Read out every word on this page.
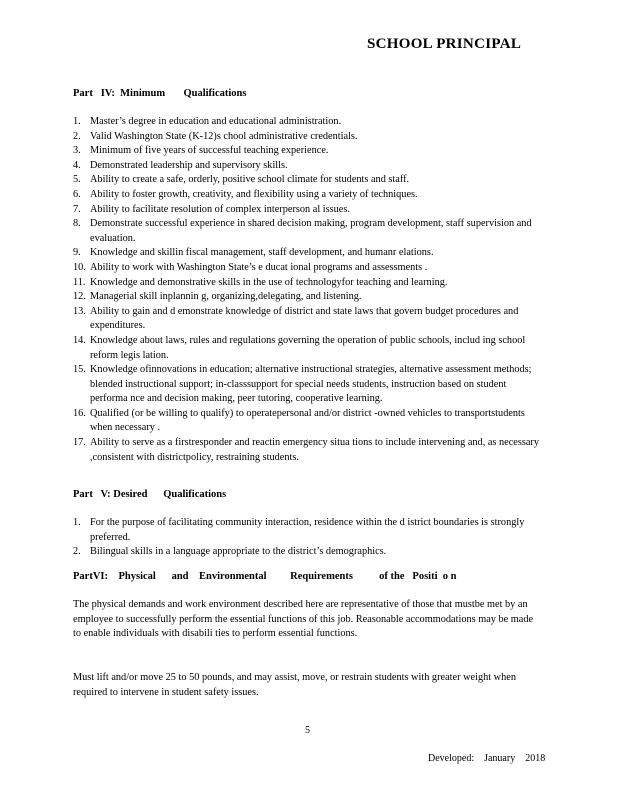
SCHOOL PRINCIPAL
Part   IV:  Minimum       Qualifications
1. Master’s degree in education and educational administration.
2. Valid Washington State (K-12)s chool administrative credentials.
3. Minimum of five years of successful teaching experience.
4. Demonstrated leadership and supervisory skills.
5. Ability to create a safe, orderly, positive school climate for students and staff.
6. Ability to foster growth, creativity, and flexibility using a variety of techniques.
7. Ability to facilitate resolution of complex interperson al issues.
8. Demonstrate successful experience in shared decision making, program development, staff supervision and evaluation.
9. Knowledge and skillin fiscal management, staff development, and humanr elations.
10. Ability to work with Washington State’s e ducat ional programs and assessments .
11. Knowledge and demonstrative skills in the use of technologyfor teaching and learning.
12. Managerial skill inplannin g, organizing,delegating, and listening.
13. Ability to gain and d emonstrate knowledge of district and state laws that govern budget procedures and expenditures.
14. Knowledge about laws, rules and regulations governing the operation of public schools, includ ing school reform legis lation.
15. Knowledge ofinnovations in education; alternative instructional strategies, alternative assessment methods; blended instructional support; in-classsupport for special needs students, instruction based on student performa nce and decision making, peer tutoring, cooperative learning.
16. Qualified (or be willing to qualify) to operatepersonal and/or district -owned vehicles to transportstudents when necessary .
17. Ability to serve as a firstresponder and reactin emergency situa tions to include intervening and, as necessary ,consistent with districtpolicy, restraining students.
Part   V: Desired      Qualifications
1. For the purpose of facilitating community interaction, residence within the d istrict boundaries is strongly preferred.
2. Bilingual skills in a language appropriate to the district’s demographics.
PartVI:    Physical      and    Environmental         Requirements          of the   Positi  o n

The physical demands and work environment described here are representative of those that mustbe met by an employee to successfully perform the essential functions of this job. Reasonable accommodations may be made to enable individuals with disabili ties to perform essential functions.

Must lift and/or move 25 to 50 pounds, and may assist, move, or restrain students with greater weight when required to intervene in student safety issues.

5
Developed:    January    2018
